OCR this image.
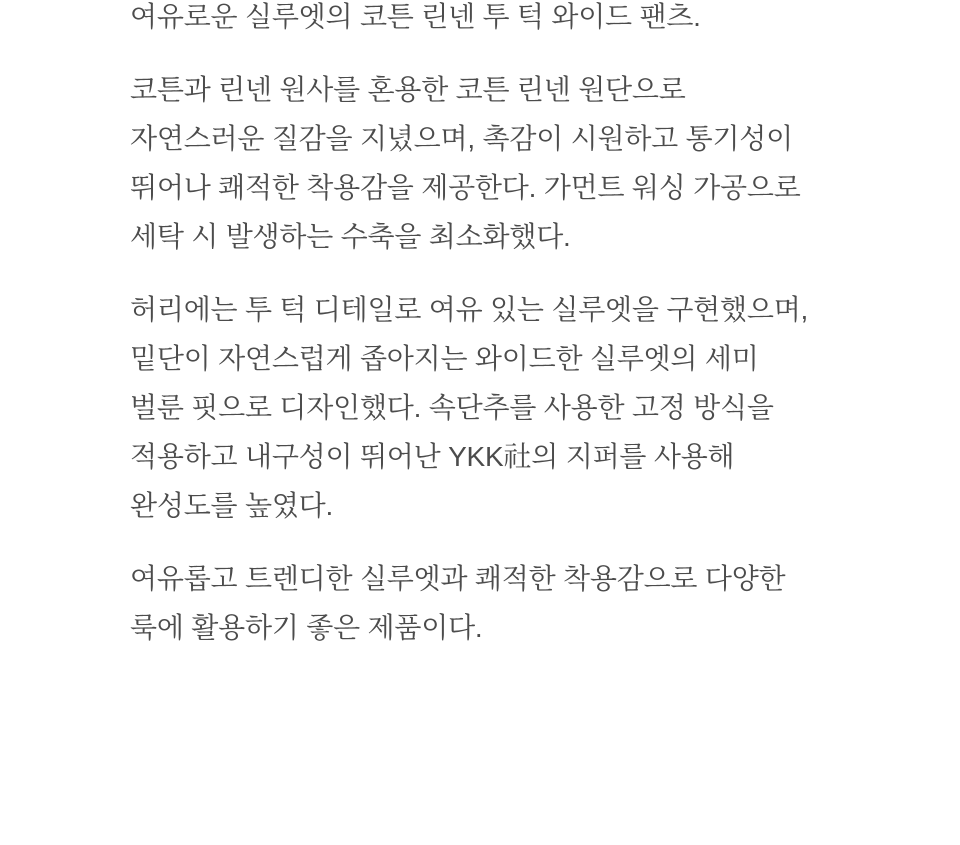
여유로운 실루엣의 코튼 린넨 투 턱 와이드 팬츠.

코튼과 린넨 원사를 혼용한 코튼 린넨 원단으로
자연스러운 질감을 지녔으며, 촉감이 시원하고 통기성이
뛰어나 쾌적한 착용감을 제공한다. 가먼트 워싱 가공으로
세탁 시 발생하는 수축을 최소화했다.

허리에는 투 턱 디테일로 여유 있는 실루엣을 구현했으며,
밑단이 자연스럽게 좁아지는 와이드한 실루엣의 세미
벌룬 핏으로 디자인했다. 속단추를 사용한 고정 방식을
적용하고 내구성이 뛰어난 YKK社의 지퍼를 사용해
완성도를 높였다.

여유롭고 트렌디한 실루엣과 쾌적한 착용감으로 다양한
룩에 활용하기 좋은 제품이다.
